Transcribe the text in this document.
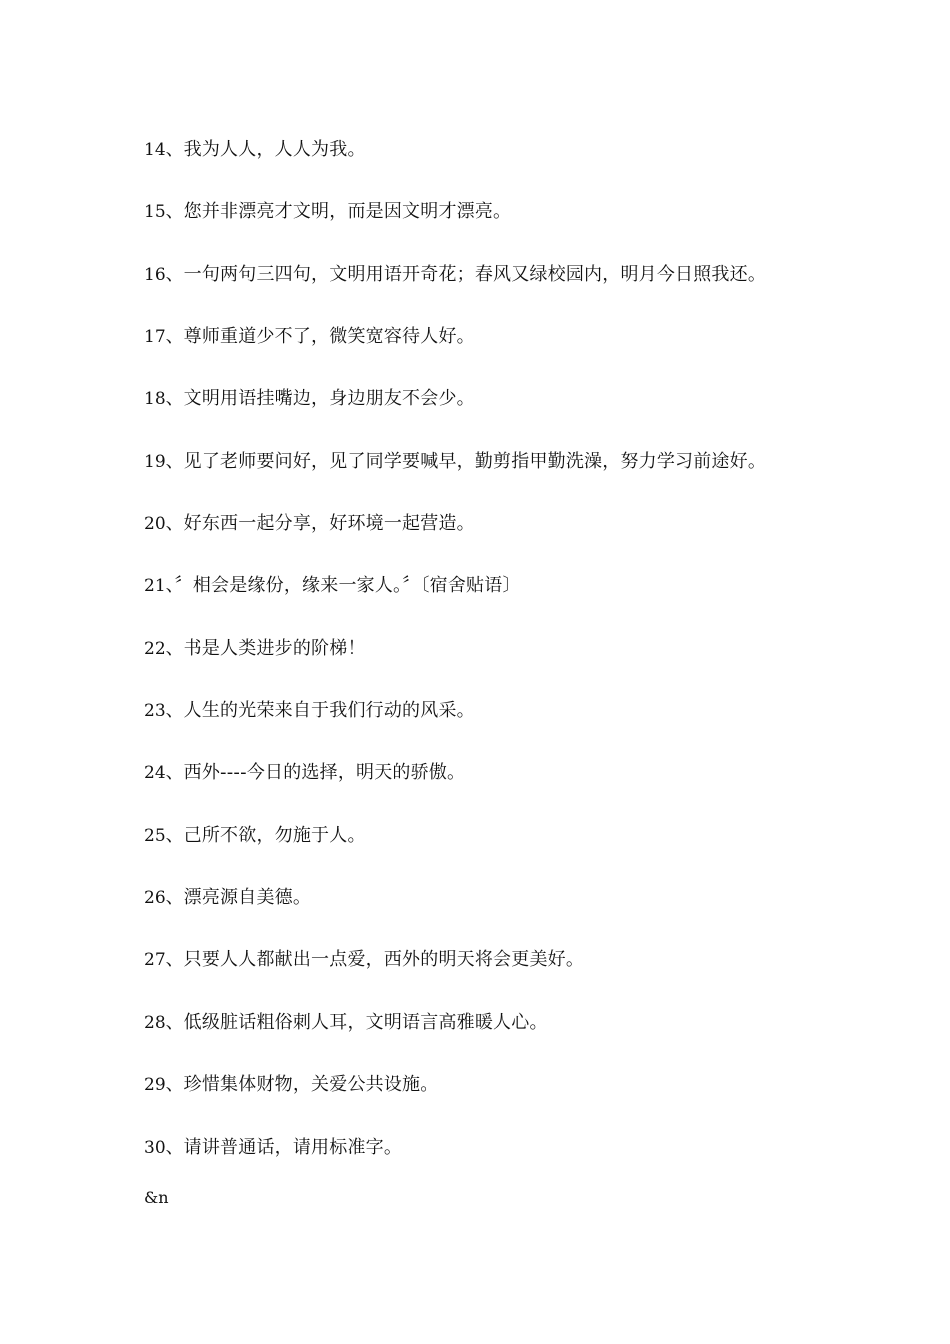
14、我为人人，人人为我。
15、您并非漂亮才文明，而是因文明才漂亮。
16、一句两句三四句，文明用语开奇花；春风又绿校园内，明月今日照我还。
17、尊师重道少不了，微笑宽容待人好。
18、文明用语挂嘴边，身边朋友不会少。
19、见了老师要问好，见了同学要喊早，勤剪指甲勤洗澡，努力学习前途好。
20、好东西一起分享，好环境一起营造。
21、〞相会是缘份，缘来一家人。〞〔宿舍贴语〕
22、书是人类进步的阶梯！
23、人生的光荣来自于我们行动的风采。
24、西外----今日的选择，明天的骄傲。
25、己所不欲，勿施于人。
26、漂亮源自美德。
27、只要人人都献出一点爱，西外的明天将会更美好。
28、低级脏话粗俗刺人耳，文明语言高雅暖人心。
29、珍惜集体财物，关爱公共设施。
30、请讲普通话，请用标准字。
&n
